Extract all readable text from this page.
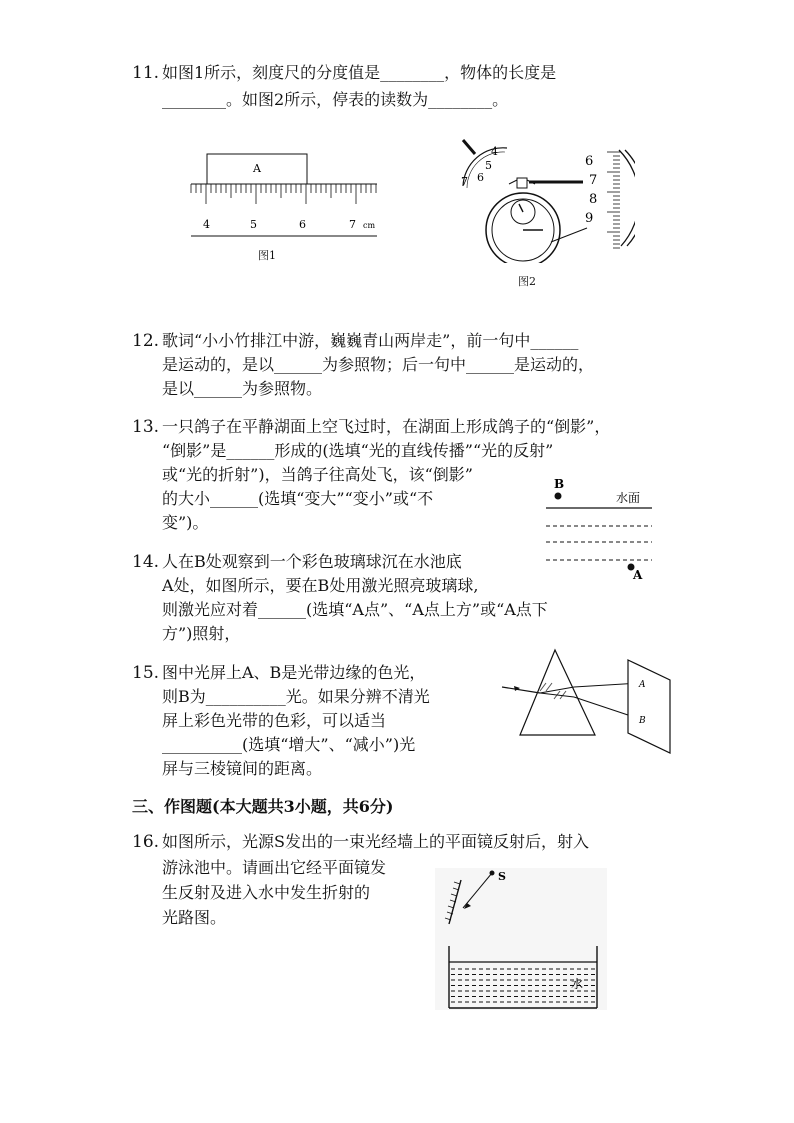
11. 如图1所示，刻度尺的分度值是________，物体的长度是
________。如图2所示，停表的读数为________。
A
4	5	6	7 cm
图1
4
5
6
7
6
7
8
9
图2
12. 歌词“小小竹排江中游，巍巍青山两岸走”，前一句中______
是运动的，是以______为参照物；后一句中______是运动的，
是以______为参照物。
13. 一只鸽子在平静湖面上空飞过时，在湖面上形成鸽子的“倒影”，
“倒影”是______形成的(选填“光的直线传播”“光的反射”
或“光的折射”)，当鸽子往高处飞，该“倒影”
的大小______(选填“变大”“变小”或“不
变”)。
B
水面
A
14. 人在B处观察到一个彩色玻璃球沉在水池底
A处，如图所示，要在B处用激光照亮玻璃球,
则激光应对着______(选填“A点”、“A点上方”或“A点下
方”)照射，
15. 图中光屏上A、B是光带边缘的色光，
则B为__________光。如果分辨不清光
屏上彩色光带的色彩，可以适当
__________(选填“增大”、“减小”)光
屏与三棱镜间的距离。
A
B
三、作图题(本大题共3小题，共6分)
16. 如图所示，光源S发出的一束光经墙上的平面镜反射后，射入
游泳池中。请画出它经平面镜发
生反射及进入水中发生折射的
光路图。
S
水
